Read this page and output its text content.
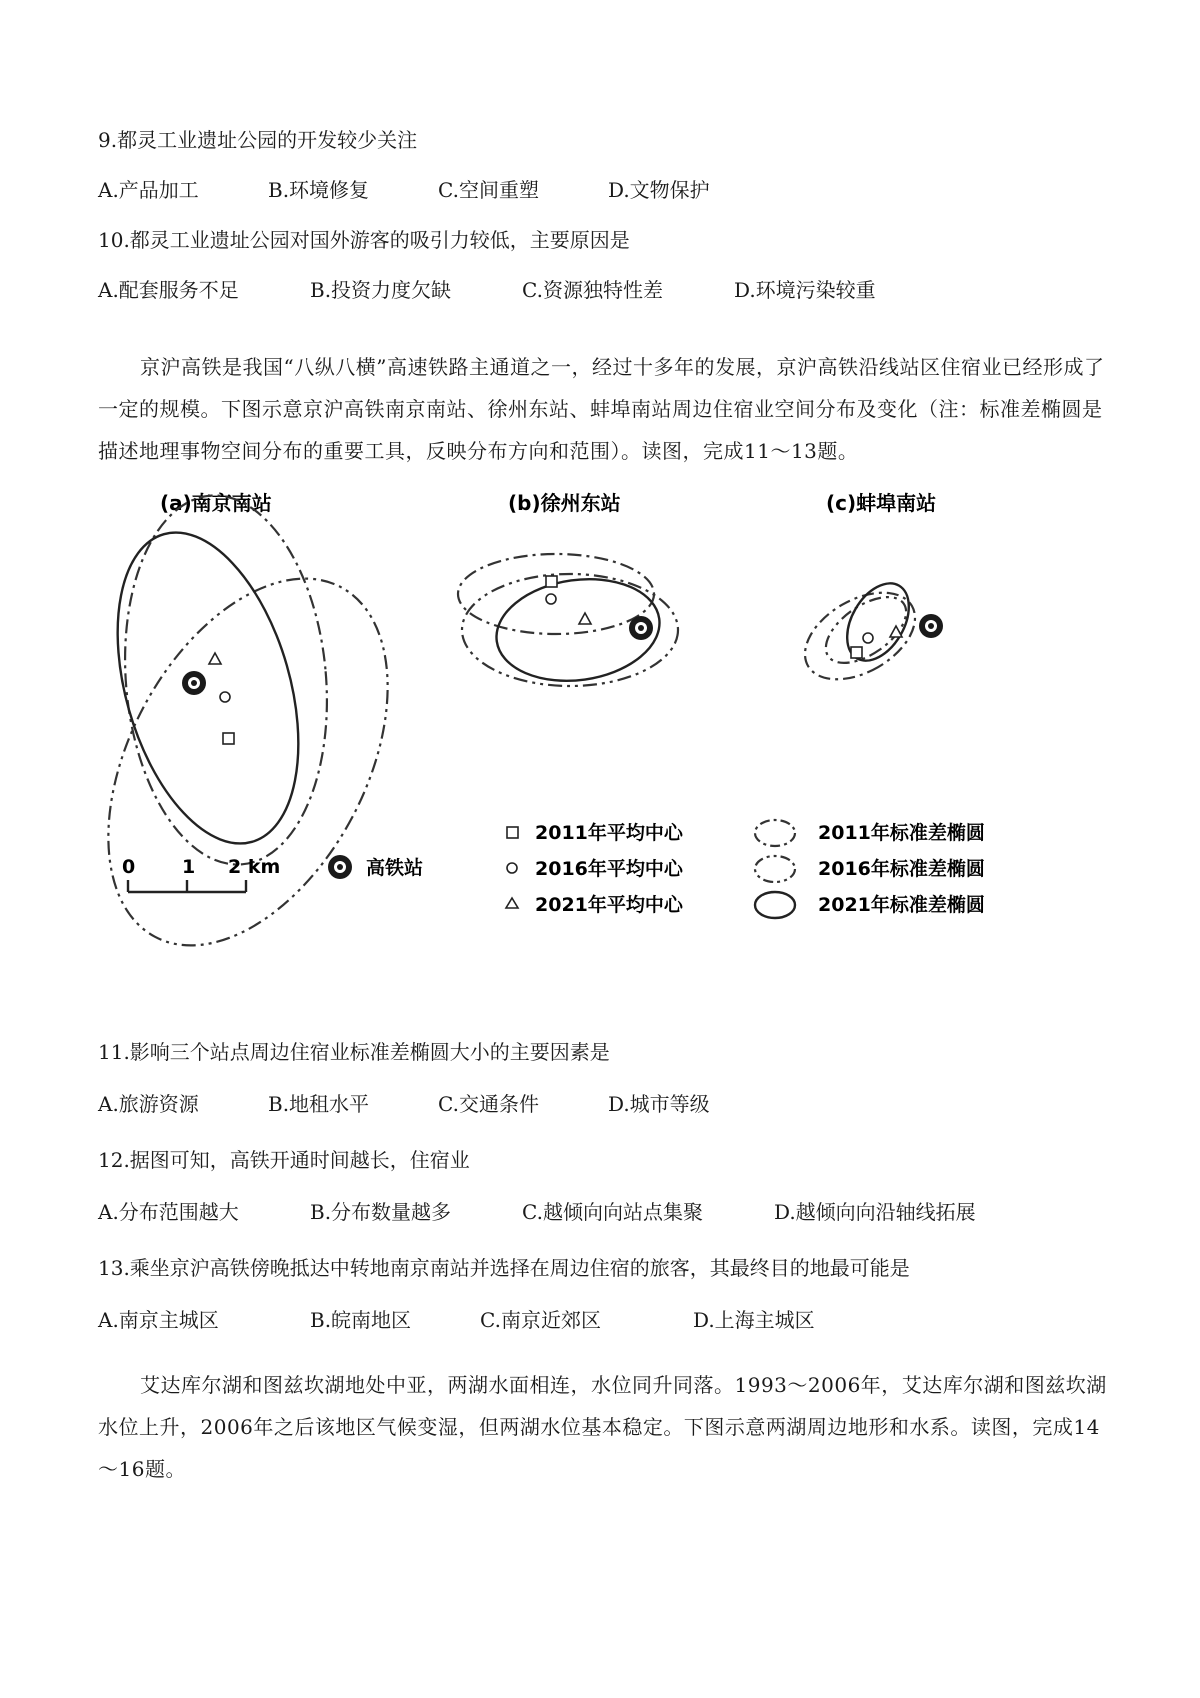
9.都灵工业遗址公园的开发较少关注
A.产品加工	B.环境修复	C.空间重塑	D.文物保护
10.都灵工业遗址公园对国外游客的吸引力较低，主要原因是
A.配套服务不足	B.投资力度欠缺	C.资源独特性差	D.环境污染较重
京沪高铁是我国“八纵八横”高速铁路主通道之一，经过十多年的发展，京沪高铁沿线站区住宿业已经形成了一定的规模。下图示意京沪高铁南京南站、徐州东站、蚌埠南站周边住宿业空间分布及变化（注：标准差椭圆是描述地理事物空间分布的重要工具，反映分布方向和范围）。读图，完成11～13题。
(a)南京南站	(b)徐州东站	(c)蚌埠南站
0 1 2 km	高铁站
2011年平均中心
2016年平均中心
2021年平均中心
2011年标准差椭圆
2016年标准差椭圆
2021年标准差椭圆
11.影响三个站点周边住宿业标准差椭圆大小的主要因素是
A.旅游资源	B.地租水平	C.交通条件	D.城市等级
12.据图可知，高铁开通时间越长，住宿业
A.分布范围越大	B.分布数量越多	C.越倾向向站点集聚	D.越倾向向沿轴线拓展
13.乘坐京沪高铁傍晚抵达中转地南京南站并选择在周边住宿的旅客，其最终目的地最可能是
A.南京主城区	B.皖南地区	C.南京近郊区	D.上海主城区
艾达库尔湖和图兹坎湖地处中亚，两湖水面相连，水位同升同落。1993～2006年，艾达库尔湖和图兹坎湖水位上升，2006年之后该地区气候变湿，但两湖水位基本稳定。下图示意两湖周边地形和水系。读图，完成14～16题。
